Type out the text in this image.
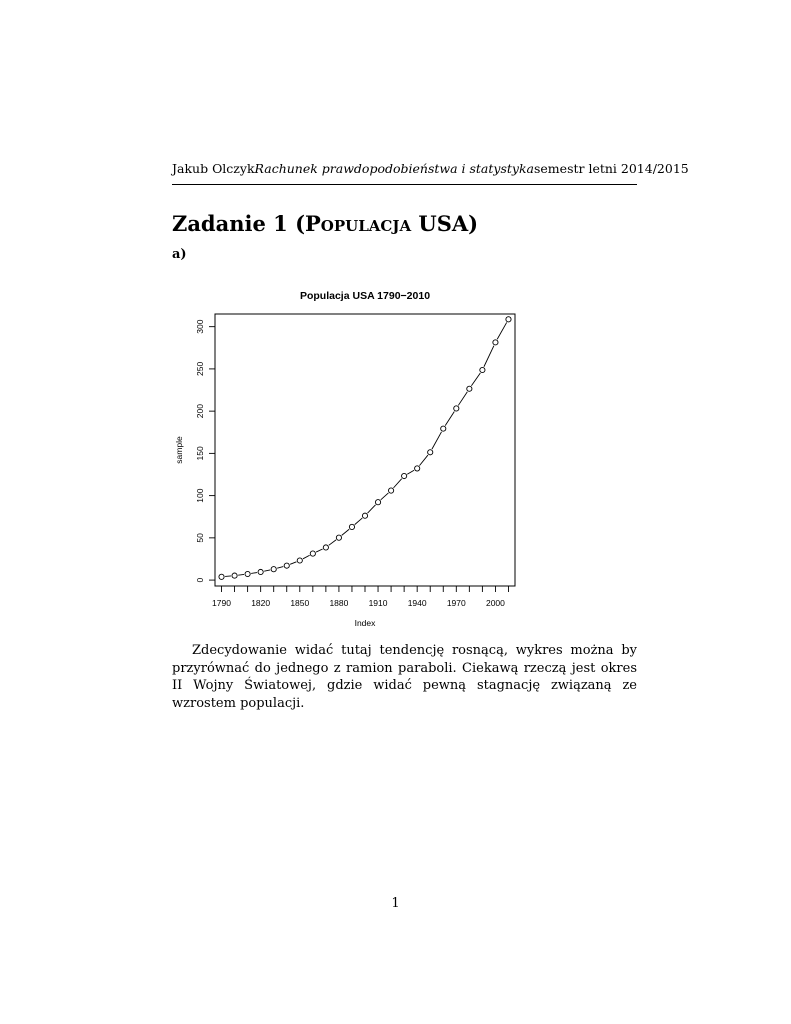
Jakub Olczyk Rachunek prawdopodobieństwa i statystyka semestr letni 2014/2015
Zadanie 1 (Populacja USA)
a)
Populacja USA 1790−2010
1790 1820 1850 1880 1910 1940 1970 2000
0
50
100
150
200
250
300
Index
sample

Zdecydowanie widać tutaj tendencję rosnącą, wykres można by przyrównać do jednego z ramion paraboli. Ciekawą rzeczą jest okres II Wojny Światowej, gdzie widać pewną stagnację związaną ze wzrostem populacji.

1
